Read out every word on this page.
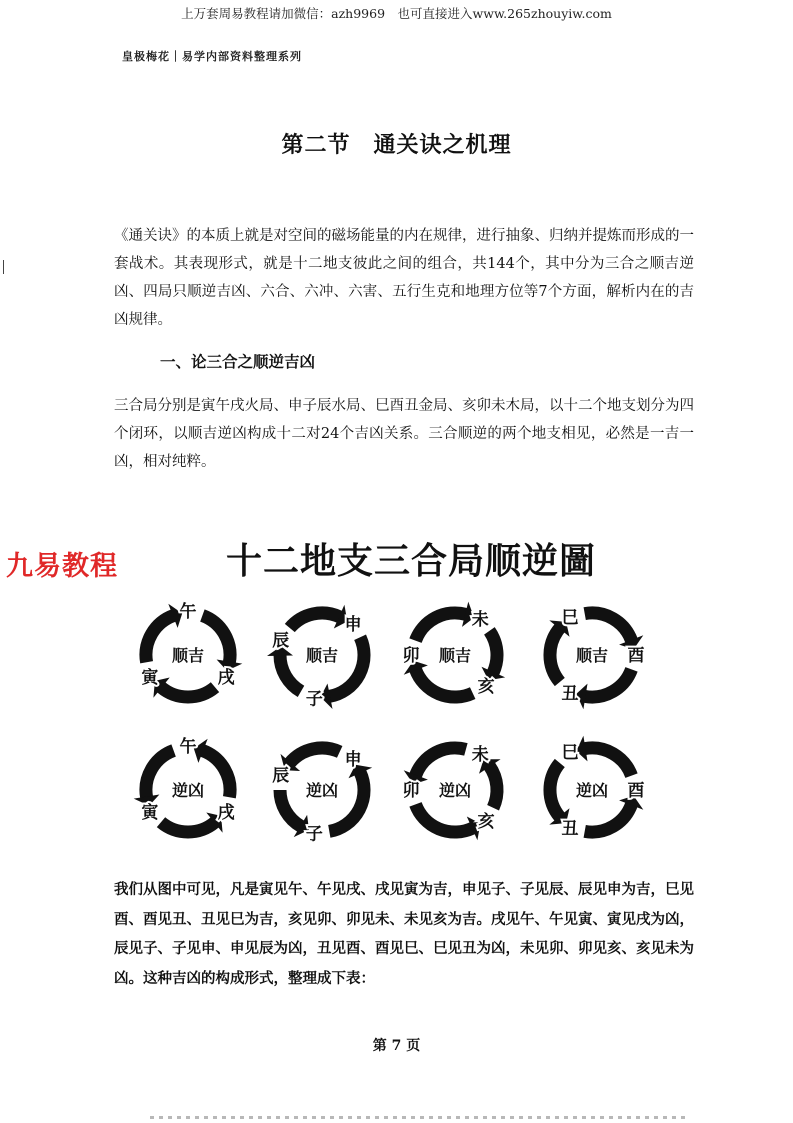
上万套周易教程请加微信：azh9969　也可直接进入www.265zhouyiw.com
皇极梅花｜易学内部资料整理系列
第二节　通关诀之机理
《通关诀》的本质上就是对空间的磁场能量的内在规律，进行抽象、归纳并提炼而形成的一套战术。其表现形式，就是十二地支彼此之间的组合，共144个，其中分为三合之顺吉逆凶、四局只顺逆吉凶、六合、六冲、六害、五行生克和地理方位等7个方面，解析内在的吉凶规律。
一、论三合之顺逆吉凶
三合局分别是寅午戌火局、申子辰水局、巳酉丑金局、亥卯未木局，以十二个地支划分为四个闭环，以顺吉逆凶构成十二对24个吉凶关系。三合顺逆的两个地支相见，必然是一吉一凶，相对纯粹。
九易教程	十二地支三合局顺逆圖
午
戌
寅
顺吉
申
子
辰
顺吉
未
亥
卯 顺吉
巳
酉
丑
顺吉
午
戌
寅
逆凶
申
子
辰
逆凶
未
亥
卯 逆凶
巳
酉
丑
逆凶
我们从图中可见，凡是寅见午、午见戌、戌见寅为吉，申见子、子见辰、辰见申为吉，巳见酉、酉见丑、丑见巳为吉，亥见卯、卯见未、未见亥为吉。戌见午、午见寅、寅见戌为凶，辰见子、子见申、申见辰为凶，丑见酉、酉见巳、巳见丑为凶，未见卯、卯见亥、亥见未为凶。这种吉凶的构成形式，整理成下表：
第 7 页
